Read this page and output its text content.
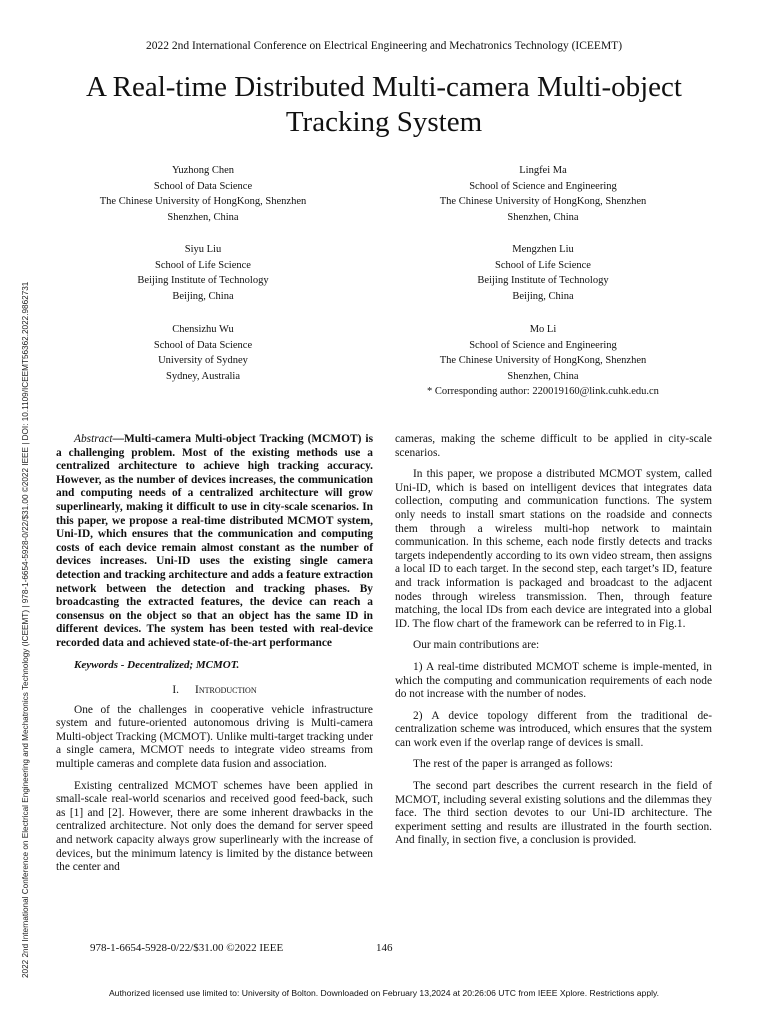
2022 2nd International Conference on Electrical Engineering and Mechatronics Technology (ICEEMT)
A Real-time Distributed Multi-camera Multi-object Tracking System
2022 2nd International Conference on Electrical Engineering and Mechatronics Technology (ICEEMT) | 978-1-6654-5928-0/22/$31.00 ©2022 IEEE | DOI: 10.1109/ICEEMT56362.2022.9862731
Yuzhong Chen
School of Data Science
The Chinese University of HongKong, Shenzhen
Shenzhen, China
Lingfei Ma
School of Science and Engineering
The Chinese University of HongKong, Shenzhen
Shenzhen, China
Siyu Liu
School of Life Science
Beijing Institute of Technology
Beijing, China
Mengzhen Liu
School of Life Science
Beijing Institute of Technology
Beijing, China
Chensizhu Wu
School of Data Science
University of Sydney
Sydney, Australia
Mo Li
School of Science and Engineering
The Chinese University of HongKong, Shenzhen
Shenzhen, China
* Corresponding author: 220019160@link.cuhk.edu.cn

Abstract—Multi-camera Multi-object Tracking (MCMOT) is a challenging problem. Most of the existing methods use a centralized architecture to achieve high tracking accuracy. However, as the number of devices increases, the communication and computing needs of a centralized architecture will grow superlinearly, making it difficult to use in city-scale scenarios. In this paper, we propose a real-time distributed MCMOT system, Uni-ID, which ensures that the communication and computing costs of each device remain almost constant as the number of devices increases. Uni-ID uses the existing single camera detection and tracking architecture and adds a feature extraction network between the detection and tracking phases. By broadcasting the extracted features, the device can reach a consensus on the object so that an object has the same ID in different devices. The system has been tested with real-device recorded data and achieved state-of-the-art performance

Keywords - Decentralized; MCMOT.

I. Introduction

One of the challenges in cooperative vehicle infrastructure system and future-oriented autonomous driving is Multi-camera Multi-object Tracking (MCMOT). Unlike multi-target tracking under a single camera, MCMOT needs to integrate video streams from multiple cameras and complete data fusion and association.

Existing centralized MCMOT schemes have been applied in small-scale real-world scenarios and received good feed-back, such as [1] and [2]. However, there are some inherent drawbacks in the centralized architecture. Not only does the demand for server speed and network capacity always grow superlinearly with the increase of devices, but the minimum latency is limited by the distance between the center and

cameras, making the scheme difficult to be applied in city-scale scenarios.

In this paper, we propose a distributed MCMOT system, called Uni-ID, which is based on intelligent devices that integrates data collection, computing and communication functions. The system only needs to install smart stations on the roadside and connects them through a wireless multi-hop network to maintain communication. In this scheme, each node firstly detects and tracks targets independently according to its own video stream, then assigns a local ID to each target. In the second step, each target’s ID, feature and track information is packaged and broadcast to the adjacent nodes through wireless transmission. Then, through feature matching, the local IDs from each device are integrated into a global ID. The flow chart of the framework can be referred to in Fig.1.

Our main contributions are:

1) A real-time distributed MCMOT scheme is imple-mented, in which the computing and communication requirements of each node do not increase with the number of nodes.

2) A device topology different from the traditional de-centralization scheme was introduced, which ensures that the system can work even if the overlap range of devices is small.

The rest of the paper is arranged as follows:

The second part describes the current research in the field of MCMOT, including several existing solutions and the dilemmas they face. The third section devotes to our Uni-ID architecture. The experiment setting and results are illustrated in the fourth section. And finally, in section five, a conclusion is provided.

978-1-6654-5928-0/22/$31.00 ©2022 IEEE	146
Authorized licensed use limited to: University of Bolton. Downloaded on February 13,2024 at 20:26:06 UTC from IEEE Xplore. Restrictions apply.
